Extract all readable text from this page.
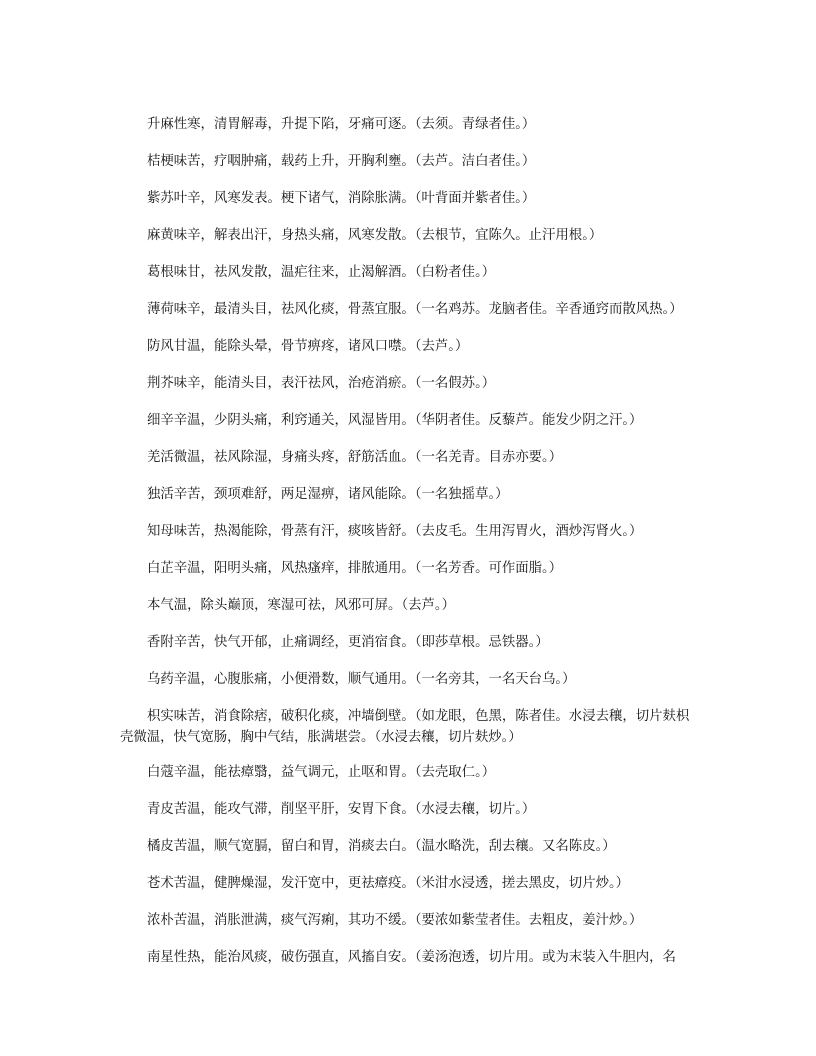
升麻性寒，清胃解毒，升提下陷，牙痛可逐。（去须。青绿者佳。）

桔梗味苦，疗咽肿痛，载药上升，开胸利壅。（去芦。洁白者佳。）

紫苏叶辛，风寒发表。梗下诸气，消除胀满。（叶背面并紫者佳。）

麻黄味辛，解表出汗，身热头痛，风寒发散。（去根节，宜陈久。止汗用根。）

葛根味甘，祛风发散，温疟往来，止渴解酒。（白粉者佳。）

薄荷味辛，最清头目，祛风化痰，骨蒸宜服。（一名鸡苏。龙脑者佳。辛香通窍而散风热。）

防风甘温，能除头晕，骨节痹疼，诸风口噤。（去芦。）

荆芥味辛，能清头目，表汗祛风，治疮消瘀。（一名假苏。）

细辛辛温，少阴头痛，利窍通关，风湿皆用。（华阴者佳。反藜芦。能发少阴之汗。）

羌活微温，祛风除湿，身痛头疼，舒筋活血。（一名羌青。目赤亦要。）

独活辛苦，颈项难舒，两足湿痹，诸风能除。（一名独摇草。）

知母味苦，热渴能除，骨蒸有汗，痰咳皆舒。（去皮毛。生用泻胃火，酒炒泻肾火。）

白芷辛温，阳明头痛，风热瘙痒，排脓通用。（一名芳香。可作面脂。）

本气温，除头巅顶，寒湿可祛，风邪可屏。（去芦。）

香附辛苦，快气开郁，止痛调经，更消宿食。（即莎草根。忌铁器。）

乌药辛温，心腹胀痛，小便滑数，顺气通用。（一名旁其，一名天台乌。）

枳实味苦，消食除痞，破积化痰，冲墙倒壁。（如龙眼，色黑，陈者佳。水浸去穰，切片麸枳壳微温，快气宽肠，胸中气结，胀满堪尝。（水浸去穰，切片麸炒。）

白蔻辛温，能祛瘴翳，益气调元，止呕和胃。（去壳取仁。）

青皮苦温，能攻气滞，削坚平肝，安胃下食。（水浸去穰，切片。）

橘皮苦温，顺气宽膈，留白和胃，消痰去白。（温水略洗，刮去穰。又名陈皮。）

苍术苦温，健脾燥湿，发汗宽中，更祛瘴疫。（米泔水浸透，搓去黑皮，切片炒。）

浓朴苦温，消胀泄满，痰气泻痢，其功不缓。（要浓如紫莹者佳。去粗皮，姜汁炒。）

南星性热，能治风痰，破伤强直，风搐自安。（姜汤泡透，切片用。或为末装入牛胆内，名
